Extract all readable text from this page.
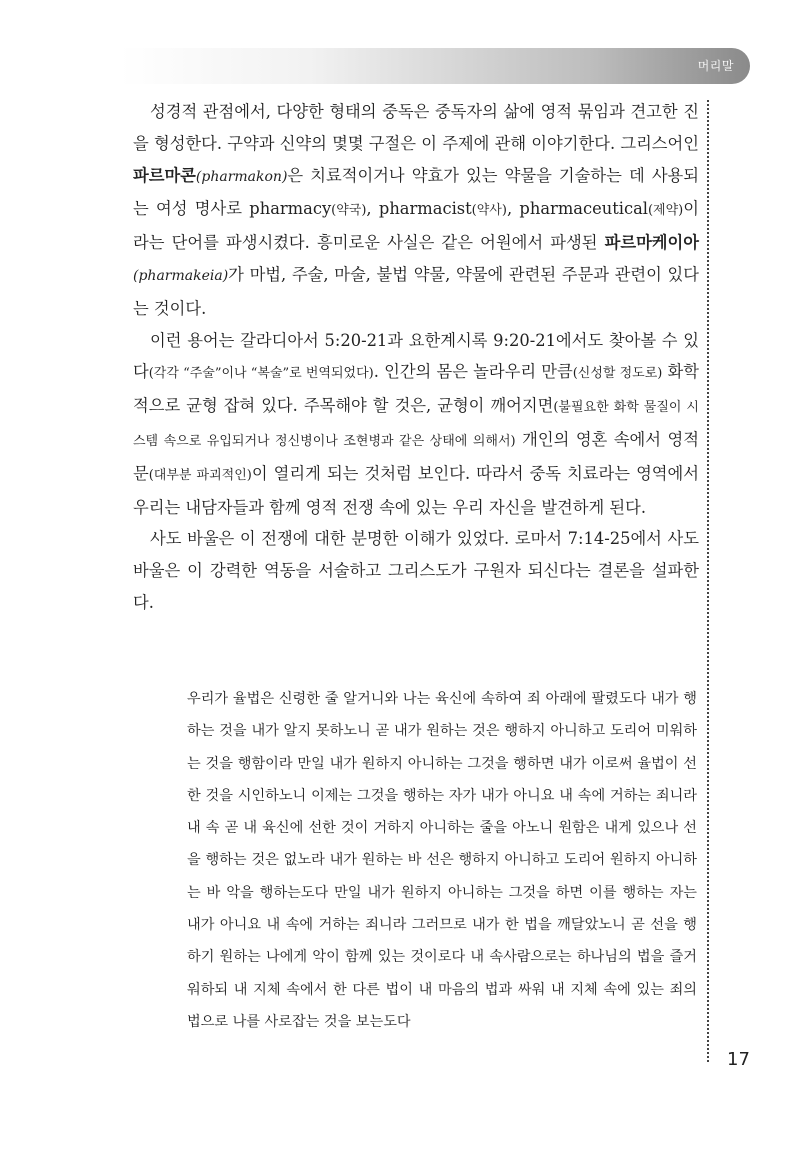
머리말

성경적 관점에서, 다양한 형태의 중독은 중독자의 삶에 영적 묶임과 견고한 진을 형성한다. 구약과 신약의 몇몇 구절은 이 주제에 관해 이야기한다. 그리스어인 파르마콘(pharmakon)은 치료적이거나 약효가 있는 약물을 기술하는 데 사용되는 여성 명사로 pharmacy(약국), pharmacist(약사), pharmaceutical(제약)이라는 단어를 파생시켰다. 흥미로운 사실은 같은 어원에서 파생된 파르마케이아(pharmakeia)가 마법, 주술, 마술, 불법 약물, 약물에 관련된 주문과 관련이 있다는 것이다.

이런 용어는 갈라디아서 5:20-21과 요한계시록 9:20-21에서도 찾아볼 수 있다(각각 “주술”이나 “복술”로 번역되었다). 인간의 몸은 놀라우리 만큼(신성할 정도로) 화학적으로 균형 잡혀 있다. 주목해야 할 것은, 균형이 깨어지면(불필요한 화학 물질이 시스템 속으로 유입되거나 정신병이나 조현병과 같은 상태에 의해서) 개인의 영혼 속에서 영적 문(대부분 파괴적인)이 열리게 되는 것처럼 보인다. 따라서 중독 치료라는 영역에서 우리는 내담자들과 함께 영적 전쟁 속에 있는 우리 자신을 발견하게 된다.

사도 바울은 이 전쟁에 대한 분명한 이해가 있었다. 로마서 7:14-25에서 사도 바울은 이 강력한 역동을 서술하고 그리스도가 구원자 되신다는 결론을 설파한다.

우리가 율법은 신령한 줄 알거니와 나는 육신에 속하여 죄 아래에 팔렸도다 내가 행하는 것을 내가 알지 못하노니 곧 내가 원하는 것은 행하지 아니하고 도리어 미워하는 것을 행함이라 만일 내가 원하지 아니하는 그것을 행하면 내가 이로써 율법이 선한 것을 시인하노니 이제는 그것을 행하는 자가 내가 아니요 내 속에 거하는 죄니라 내 속 곧 내 육신에 선한 것이 거하지 아니하는 줄을 아노니 원함은 내게 있으나 선을 행하는 것은 없노라 내가 원하는 바 선은 행하지 아니하고 도리어 원하지 아니하는 바 악을 행하는도다 만일 내가 원하지 아니하는 그것을 하면 이를 행하는 자는 내가 아니요 내 속에 거하는 죄니라 그러므로 내가 한 법을 깨달았노니 곧 선을 행하기 원하는 나에게 악이 함께 있는 것이로다 내 속사람으로는 하나님의 법을 즐거워하되 내 지체 속에서 한 다른 법이 내 마음의 법과 싸워 내 지체 속에 있는 죄의 법으로 나를 사로잡는 것을 보는도다

17
